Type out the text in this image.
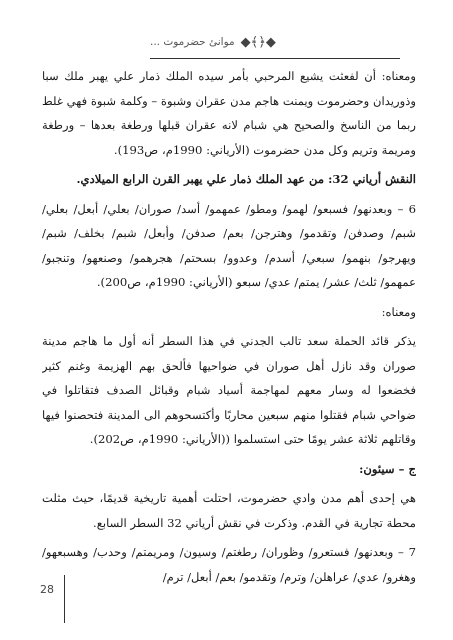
◆﴿﴾◆
موانئ حضرموت ...

ومعناه: أن لفعثت يشيع المرحبي بأمر سيده الملك ذمار علي يهبر ملك سبا وذوريدان وحضرموت ويمنت هاجم مدن عقران وشبوة – وكلمة شبوة فهي غلط ربما من الناسخ والصحيح هي شبام لانه عقران قبلها ورطغة بعدها – ورطغة ومريمة وتريم وكل مدن حضرموت (الأرياني: 1990م، ص193).

النقش أرياني 32: من عهد الملك ذمار علي يهبر القرن الرابع الميلادي.

6 – وبعدنهو/ فسبعو/ لهمو/ ومطو/ عمهمو/ أسد/ صوران/ بعلي/ أبعل/ بعلي/ شبم/ وصدفن/ وتقدمو/ وهترجن/ بعم/ صدفن/ وأبعل/ شبم/ بخلف/ شبم/ ويهرجو/ بنهمو/ سبعي/ أسدم/ وعدوو/ بسحتم/ هجرهمو/ وصنعهو/ وتنجبو/ عمهمو/ ثلث/ عشر/ يمتم/ عدي/ سبعو (الأرياني: 1990م، ص200).

ومعناه:

يذكر قائد الحملة سعد تالب الجدني في هذا السطر أنه أول ما هاجم مدينة صوران وقد نازل أهل صوران في ضواحيها فألحق بهم الهزيمة وغنم كثير فخضعوا له وسار معهم لمهاجمة أسياد شبام وقبائل الصدف فتقاتلوا في ضواحي شبام فقتلوا منهم سبعين محاربًا وأكتسحوهم الى المدينة فتحصنوا فيها وقاتلهم ثلاثة عشر يومًا حتى استسلموا ((الأرياني: 1990م، ص202).

ج – سيئون:

هي إحدى أهم مدن وادي حضرموت، احتلت أهمية تاريخية قديمًا، حيث مثلت محطة تجارية في القدم. وذكرت في نقش أرياني 32 السطر السابع.

7 – وبعدنهو/ فستعرو/ وظوران/ رطغتم/ وسيون/ ومريمتم/ وحدب/ وهسبعهو/ وهغرو/ عدي/ عراهلن/ وترم/ وتقدمو/ بعم/ أبعل/ ترم/

28
